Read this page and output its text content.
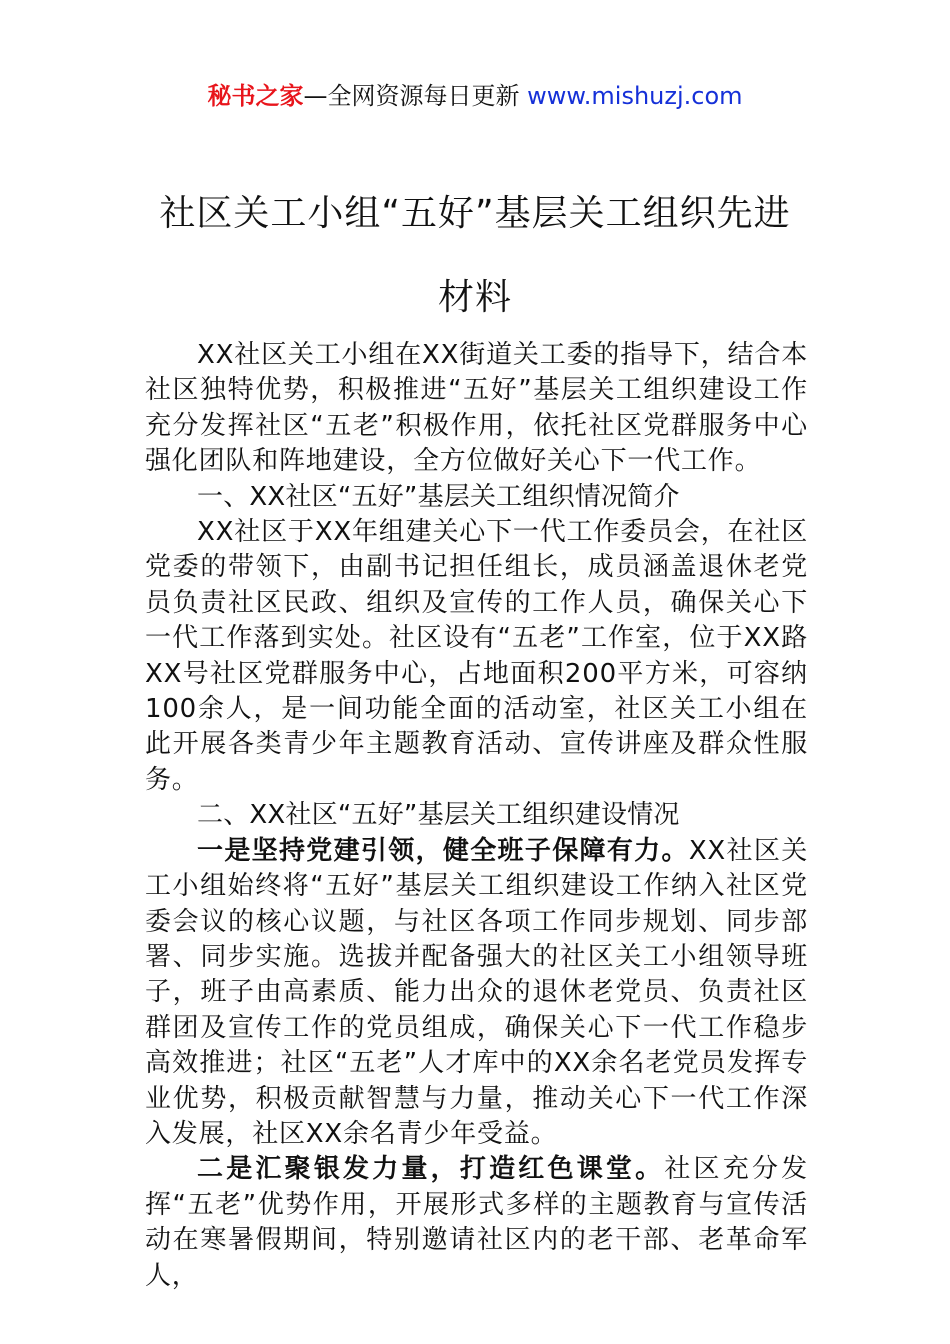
秘书之家—全网资源每日更新 www.mishuzj.com
社区关工小组“五好”基层关工组织先进
材料

XX社区关工小组在XX街道关工委的指导下，结合本社区独特优势，积极推进“五好”基层关工组织建设工作充分发挥社区“五老”积极作用，依托社区党群服务中心强化团队和阵地建设，全方位做好关心下一代工作。

一、XX社区“五好”基层关工组织情况简介

XX社区于XX年组建关心下一代工作委员会，在社区党委的带领下，由副书记担任组长，成员涵盖退休老党员负责社区民政、组织及宣传的工作人员，确保关心下一代工作落到实处。社区设有“五老”工作室，位于XX路XX号社区党群服务中心，占地面积200平方米，可容纳100余人，是一间功能全面的活动室，社区关工小组在此开展各类青少年主题教育活动、宣传讲座及群众性服务。

二、XX社区“五好”基层关工组织建设情况

一是坚持党建引领，健全班子保障有力。XX社区关工小组始终将“五好”基层关工组织建设工作纳入社区党委会议的核心议题，与社区各项工作同步规划、同步部署、同步实施。选拔并配备强大的社区关工小组领导班子，班子由高素质、能力出众的退休老党员、负责社区群团及宣传工作的党员组成，确保关心下一代工作稳步高效推进；社区“五老”人才库中的XX余名老党员发挥专业优势，积极贡献智慧与力量，推动关心下一代工作深入发展，社区XX余名青少年受益。

二是汇聚银发力量，打造红色课堂。社区充分发挥“五老”优势作用，开展形式多样的主题教育与宣传活动在寒暑假期间，特别邀请社区内的老干部、老革命军人，
